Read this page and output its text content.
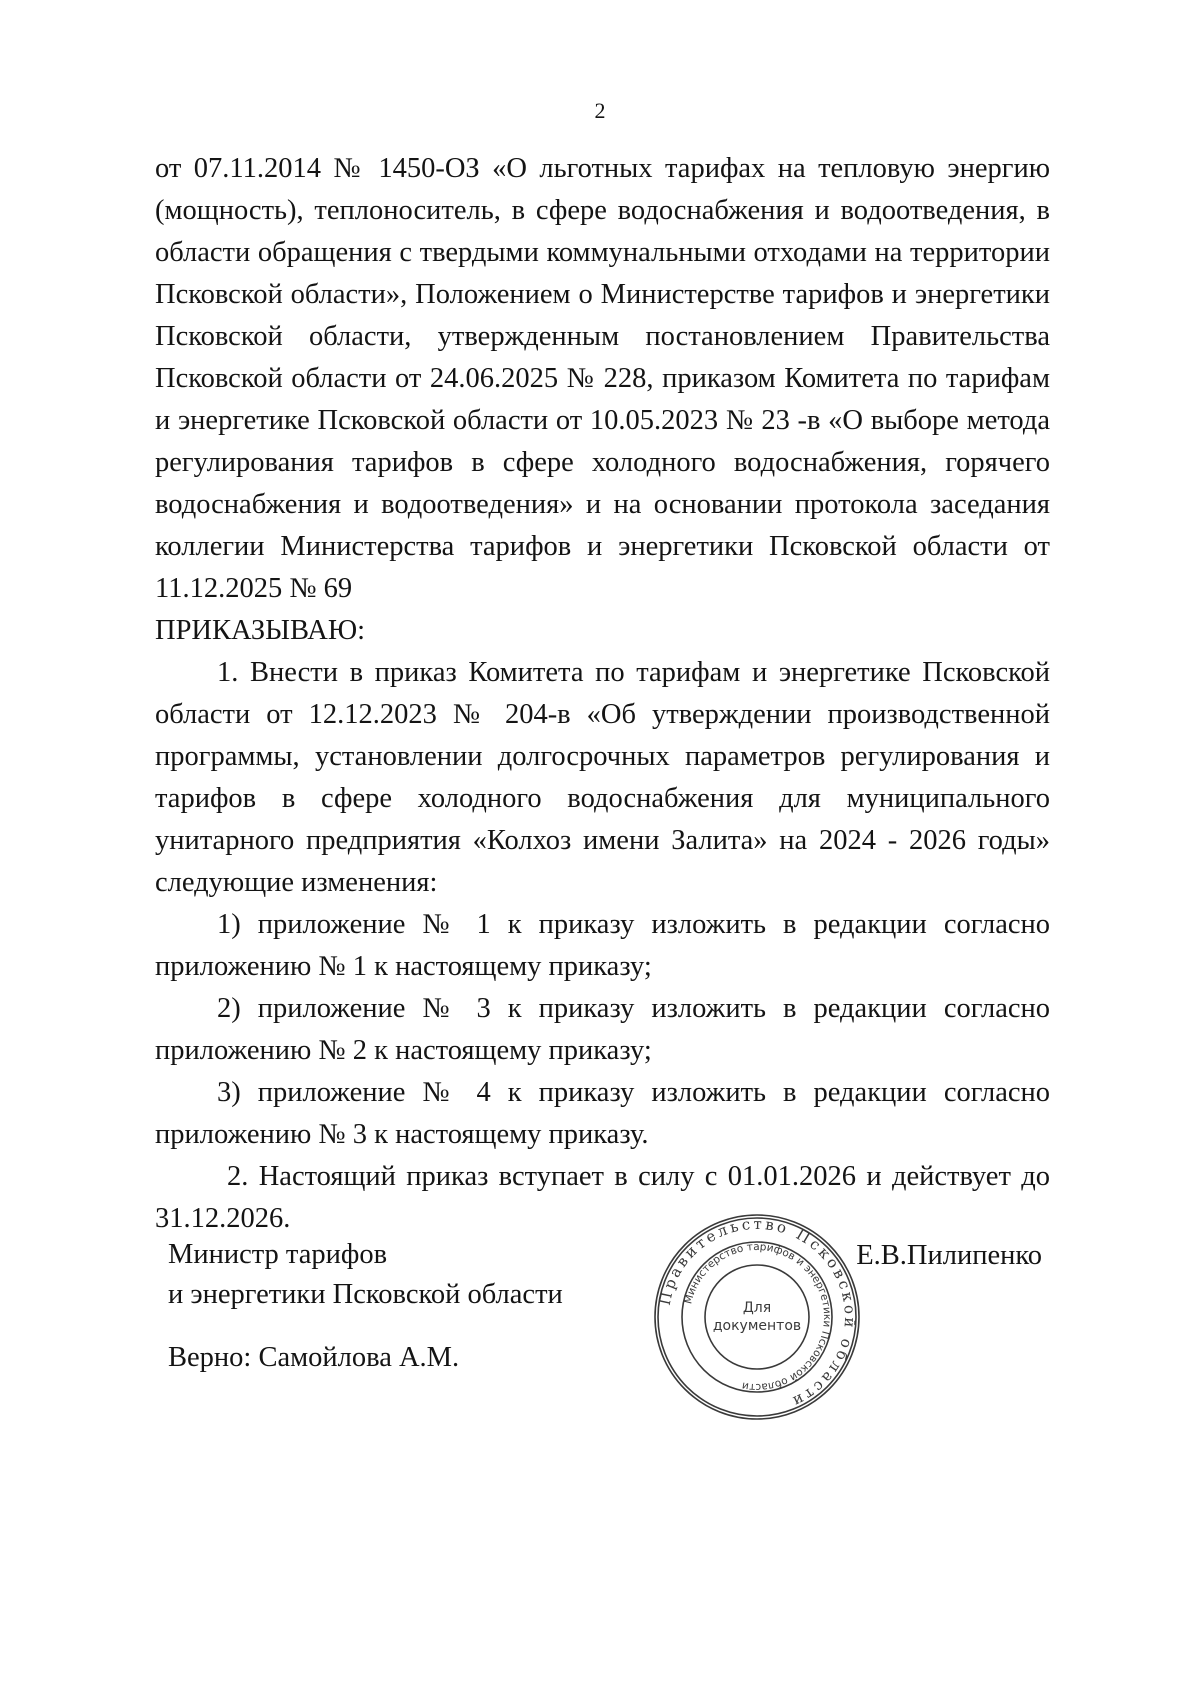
2

от 07.11.2014 № 1450-ОЗ «О льготных тарифах на тепловую энергию (мощность), теплоноситель, в сфере водоснабжения и водоотведения, в области обращения с твердыми коммунальными отходами на территории Псковской области», Положением о Министерстве тарифов и энергетики Псковской области, утвержденным постановлением Правительства Псковской области от 24.06.2025 № 228, приказом Комитета по тарифам и энергетике Псковской области от 10.05.2023 № 23 -в «О выборе метода регулирования тарифов в сфере холодного водоснабжения, горячего водоснабжения и водоотведения» и на основании протокола заседания коллегии Министерства тарифов и энергетики Псковской области от 11.12.2025 № 69

ПРИКАЗЫВАЮ:

1. Внести в приказ Комитета по тарифам и энергетике Псковской области от 12.12.2023 № 204-в «Об утверждении производственной программы, установлении долгосрочных параметров регулирования и тарифов в сфере холодного водоснабжения для муниципального унитарного предприятия «Колхоз имени Залита» на 2024 - 2026 годы» следующие изменения:

1) приложение № 1 к приказу изложить в редакции согласно приложению № 1 к настоящему приказу;

2) приложение № 3 к приказу изложить в редакции согласно приложению № 2 к настоящему приказу;

3) приложение № 4 к приказу изложить в редакции согласно приложению № 3 к настоящему приказу.

2. Настоящий приказ вступает в силу с 01.01.2026 и действует до 31.12.2026.

Министр тарифов
и энергетики Псковской области
Е.В.Пилипенко
Верно: Самойлова А.М.
Правительство Псковской области
Министерство тарифов и энергетики Псковской области
Для
документов
